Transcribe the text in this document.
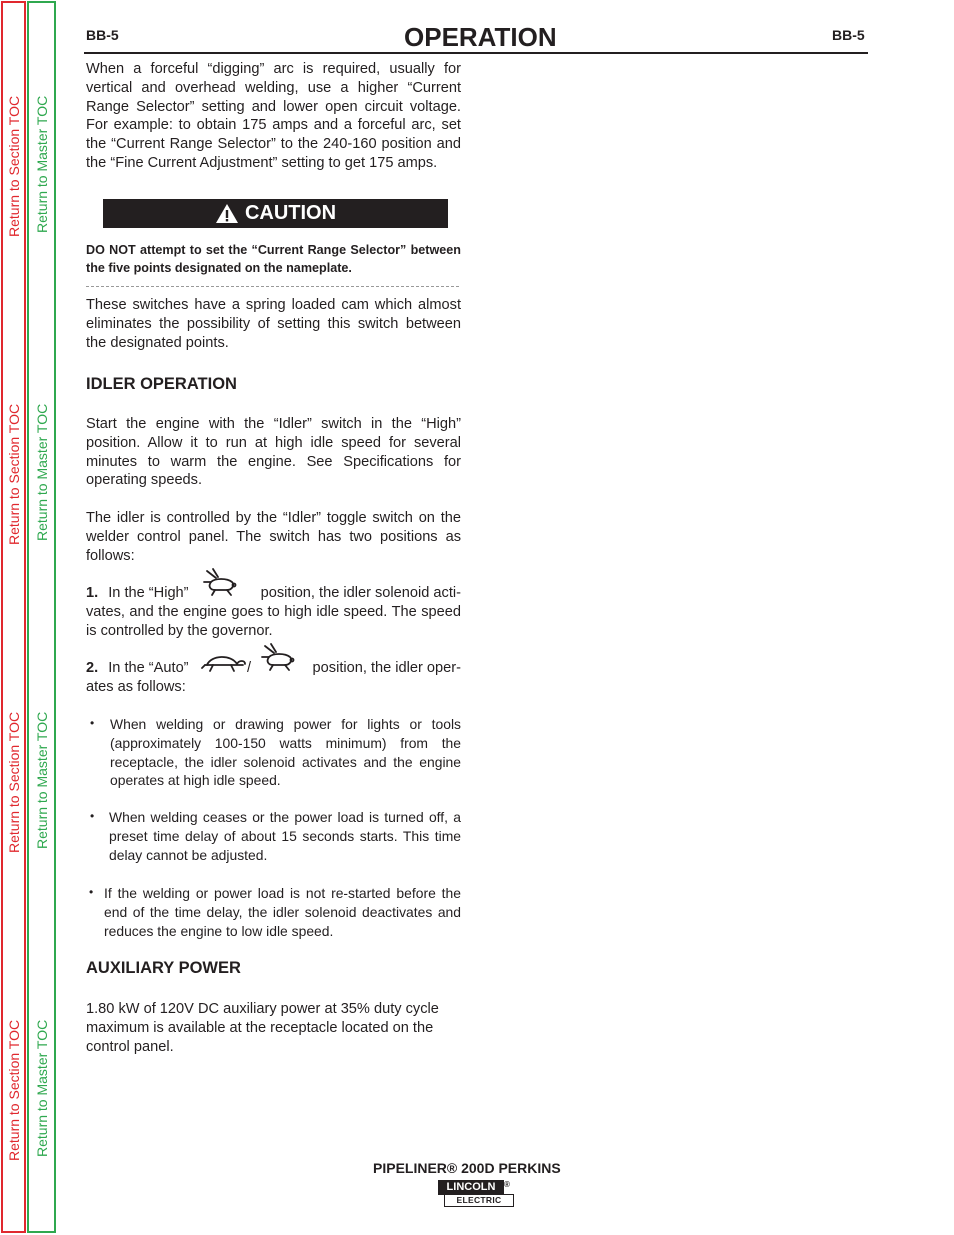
Return to Section TOC
Return to Section TOC
Return to Section TOC
Return to Section TOC
Return to Master TOC
Return to Master TOC
Return to Master TOC
Return to Master TOC
BB-5	OPERATION	BB-5

When a forceful “digging” arc is required, usually for vertical and overhead welding, use a higher “Current Range Selector” setting and lower open circuit voltage. For example: to obtain 175 amps and a forceful arc, set the “Current Range Selector” to the 240-160 position and the “Fine Current Adjustment” setting to get 175 amps.

CAUTION

DO NOT attempt to set the “Current Range Selector” between the five points designated on the nameplate.

These switches have a spring loaded cam which almost eliminates the possibility of setting this switch between the designated points.

IDLER OPERATION

Start the engine with the “Idler” switch in the “High” position. Allow it to run at high idle speed for several minutes to warm the engine. See Specifications for operating speeds.

The idler is controlled by the “Idler” toggle switch on the welder control panel. The switch has two positions as follows:

1. In the “High”	position, the idler solenoid acti-

vates, and the engine goes to high idle speed. The speed is controlled by the governor.

2. In the “Auto”	/	position, the idler oper-

ates as follows:

• When welding or drawing power for lights or tools (approximately 100-150 watts minimum) from the receptacle, the idler solenoid activates and the engine operates at high idle speed.

• When welding ceases or the power load is turned off, a preset time delay of about 15 seconds starts. This time delay cannot be adjusted.

• If the welding or power load is not re-started before the end of the time delay, the idler solenoid deactivates and reduces the engine to low idle speed.

AUXILIARY POWER

1.80 kW of 120V DC auxiliary power at 35% duty cycle maximum is available at the receptacle located on the control panel.

PIPELINER® 200D PERKINS
LINCOLN
ELECTRIC
®
